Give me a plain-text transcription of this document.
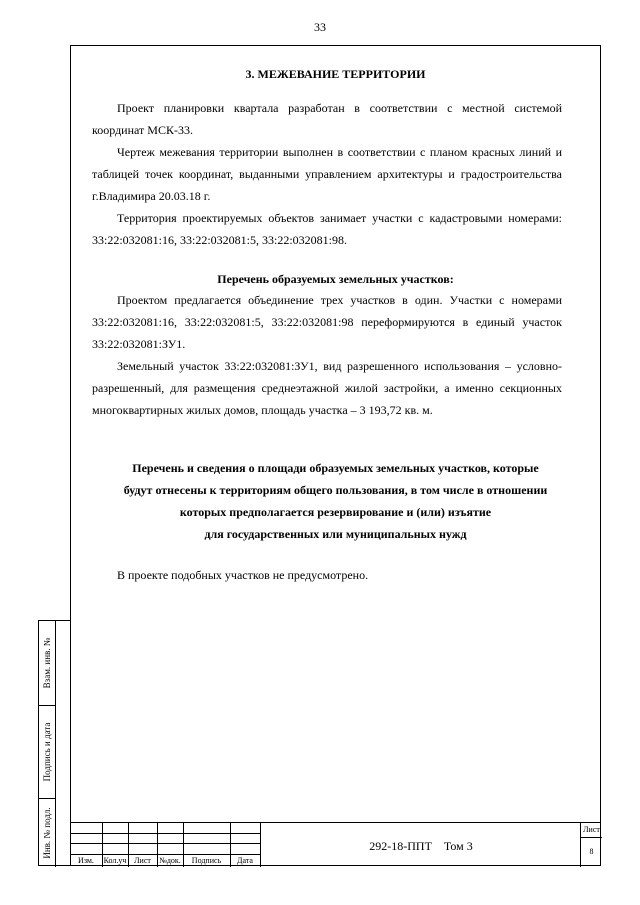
33
Взам. инв. №
Подпись и дата
Инв. № подл.
3. МЕЖЕВАНИЕ ТЕРРИТОРИИ

Проект планировки квартала разработан в соответствии с местной системой координат МСК-33.

Чертеж межевания территории выполнен в соответствии с планом красных линий и таблицей точек координат, выданными управлением архитектуры и градостроительства г.Владимира 20.03.18 г.

Территория проектируемых объектов занимает участки с кадастровыми номерами: 33:22:032081:16, 33:22:032081:5, 33:22:032081:98.

Перечень образуемых земельных участков:

Проектом предлагается объединение трех участков в один. Участки с номерами 33:22:032081:16, 33:22:032081:5, 33:22:032081:98 переформируются в единый участок 33:22:032081:ЗУ1.

Земельный участок 33:22:032081:ЗУ1, вид разрешенного использования – условно-разрешенный, для размещения среднеэтажной жилой застройки, а именно секционных многоквартирных жилых домов, площадь участка – 3 193,72 кв. м.

Перечень и сведения о площади образуемых земельных участков, которые
будут отнесены к территориям общего пользования, в том числе в отношении
которых предполагается резервирование и (или) изъятие
для государственных или муниципальных нужд

В проекте подобных участков не предусмотрено.

Изм.	Кол.уч Лист	№док.	Подпись	Дата
292-18-ППТ    Том 3
Лист
8
